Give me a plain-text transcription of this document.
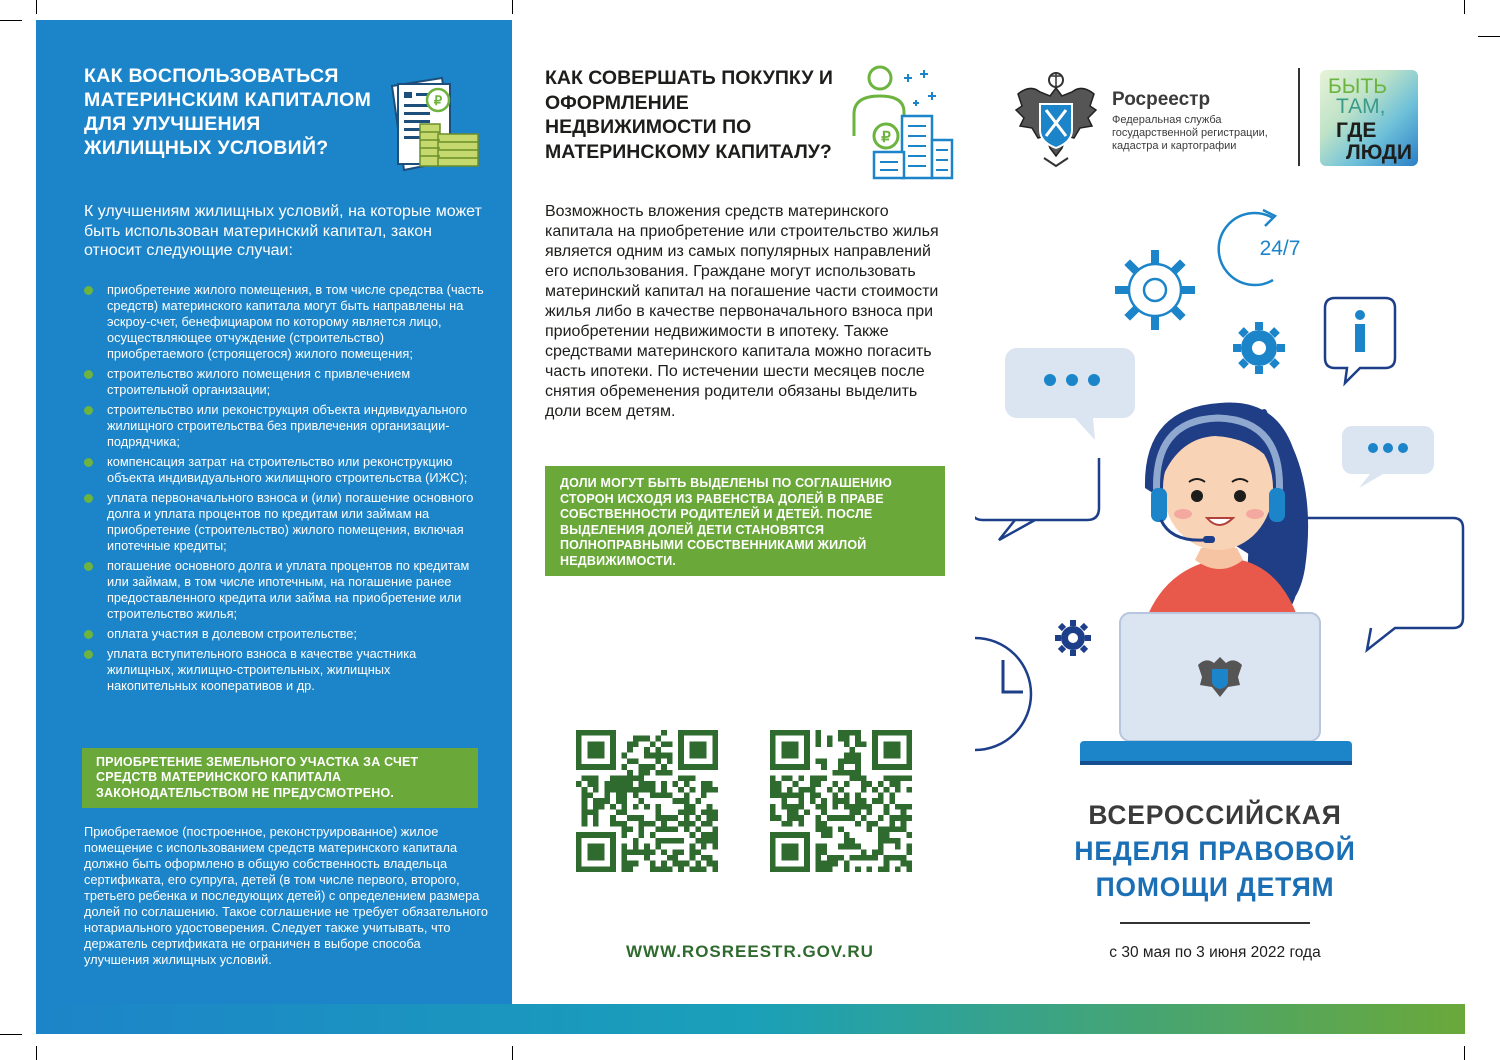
КАК ВОСПОЛЬЗОВАТЬСЯ МАТЕРИНСКИМ КАПИТАЛОМ ДЛЯ УЛУЧШЕНИЯ ЖИЛИЩНЫХ УСЛОВИЙ?
₽
К улучшениям жилищных условий, на которые может быть использован материнский капитал, закон относит следующие случаи:
приобретение жилого помещения, в том числе средства (часть средств) материнского капитала могут быть направлены на эскроу-счет, бенефициаром по которому является лицо, осуществляющее отчуждение (строительство) приобретаемого (строящегося) жилого помещения;
строительство жилого помещения с привлечением строительной организации;
строительство или реконструкция объекта индивидуального жилищного строительства без привлечения организации-подрядчика;
компенсация затрат на строительство или реконструкцию объекта индивидуального жилищного строительства (ИЖС);
уплата первоначального взноса и (или) погашение основного долга и уплата процентов по кредитам или займам на приобретение (строительство) жилого помещения, включая ипотечные кредиты;
погашение основного долга и уплата процентов по кредитам или займам, в том числе ипотечным, на погашение ранее предоставленного кредита или займа на приобретение или строительство жилья;
оплата участия в долевом строительстве;
уплата вступительного взноса в качестве участника жилищных, жилищно-строительных, жилищных накопительных кооперативов и др.
ПРИОБРЕТЕНИЕ ЗЕМЕЛЬНОГО УЧАСТКА ЗА СЧЕТ СРЕДСТВ МАТЕРИНСКОГО КАПИТАЛА ЗАКОНОДАТЕЛЬСТВОМ НЕ ПРЕДУСМОТРЕНО.
Приобретаемое (построенное, реконструированное) жилое помещение с использованием средств материнского капитала должно быть оформлено в общую собственность владельца сертификата, его супруга, детей (в том числе первого, второго, третьего ребенка и последующих детей) с определением размера долей по соглашению. Такое соглашение не требует обязательного нотариального удостоверения. Следует также учитывать, что держатель сертификата не ограничен в выборе способа улучшения жилищных условий.
КАК СОВЕРШАТЬ ПОКУПКУ И ОФОРМЛЕНИЕ НЕДВИЖИМОСТИ ПО МАТЕРИНСКОМУ КАПИТАЛУ?
₽
Возможность вложения средств материнского капитала на приобретение или строительство жилья является одним из самых популярных направлений его использования. Граждане могут использовать материнский капитал на погашение части стоимости жилья либо в качестве первоначального взноса при приобретении недвижимости в ипотеку. Также средствами материнского капитала можно погасить часть ипотеки. По истечении шести месяцев после снятия обременения родители обязаны выделить доли всем детям.
ДОЛИ МОГУТ БЫТЬ ВЫДЕЛЕНЫ ПО СОГЛАШЕНИЮ СТОРОН ИСХОДЯ ИЗ РАВЕНСТВА ДОЛЕЙ В ПРАВЕ СОБСТВЕННОСТИ РОДИТЕЛЕЙ И ДЕТЕЙ. ПОСЛЕ ВЫДЕЛЕНИЯ ДОЛЕЙ ДЕТИ СТАНОВЯТСЯ ПОЛНОПРАВНЫМИ СОБСТВЕННИКАМИ ЖИЛОЙ НЕДВИЖИМОСТИ.
WWW.ROSREESTR.GOV.RU
Росреестр
Федеральная служба государственной регистрации, кадастра и картографии
БЫТЬ
ТАМ,
ГДЕ
ЛЮДИ
24/7
ВСЕРОССИЙСКАЯ
НЕДЕЛЯ ПРАВОВОЙ
ПОМОЩИ ДЕТЯМ
с 30 мая по 3 июня 2022 года
